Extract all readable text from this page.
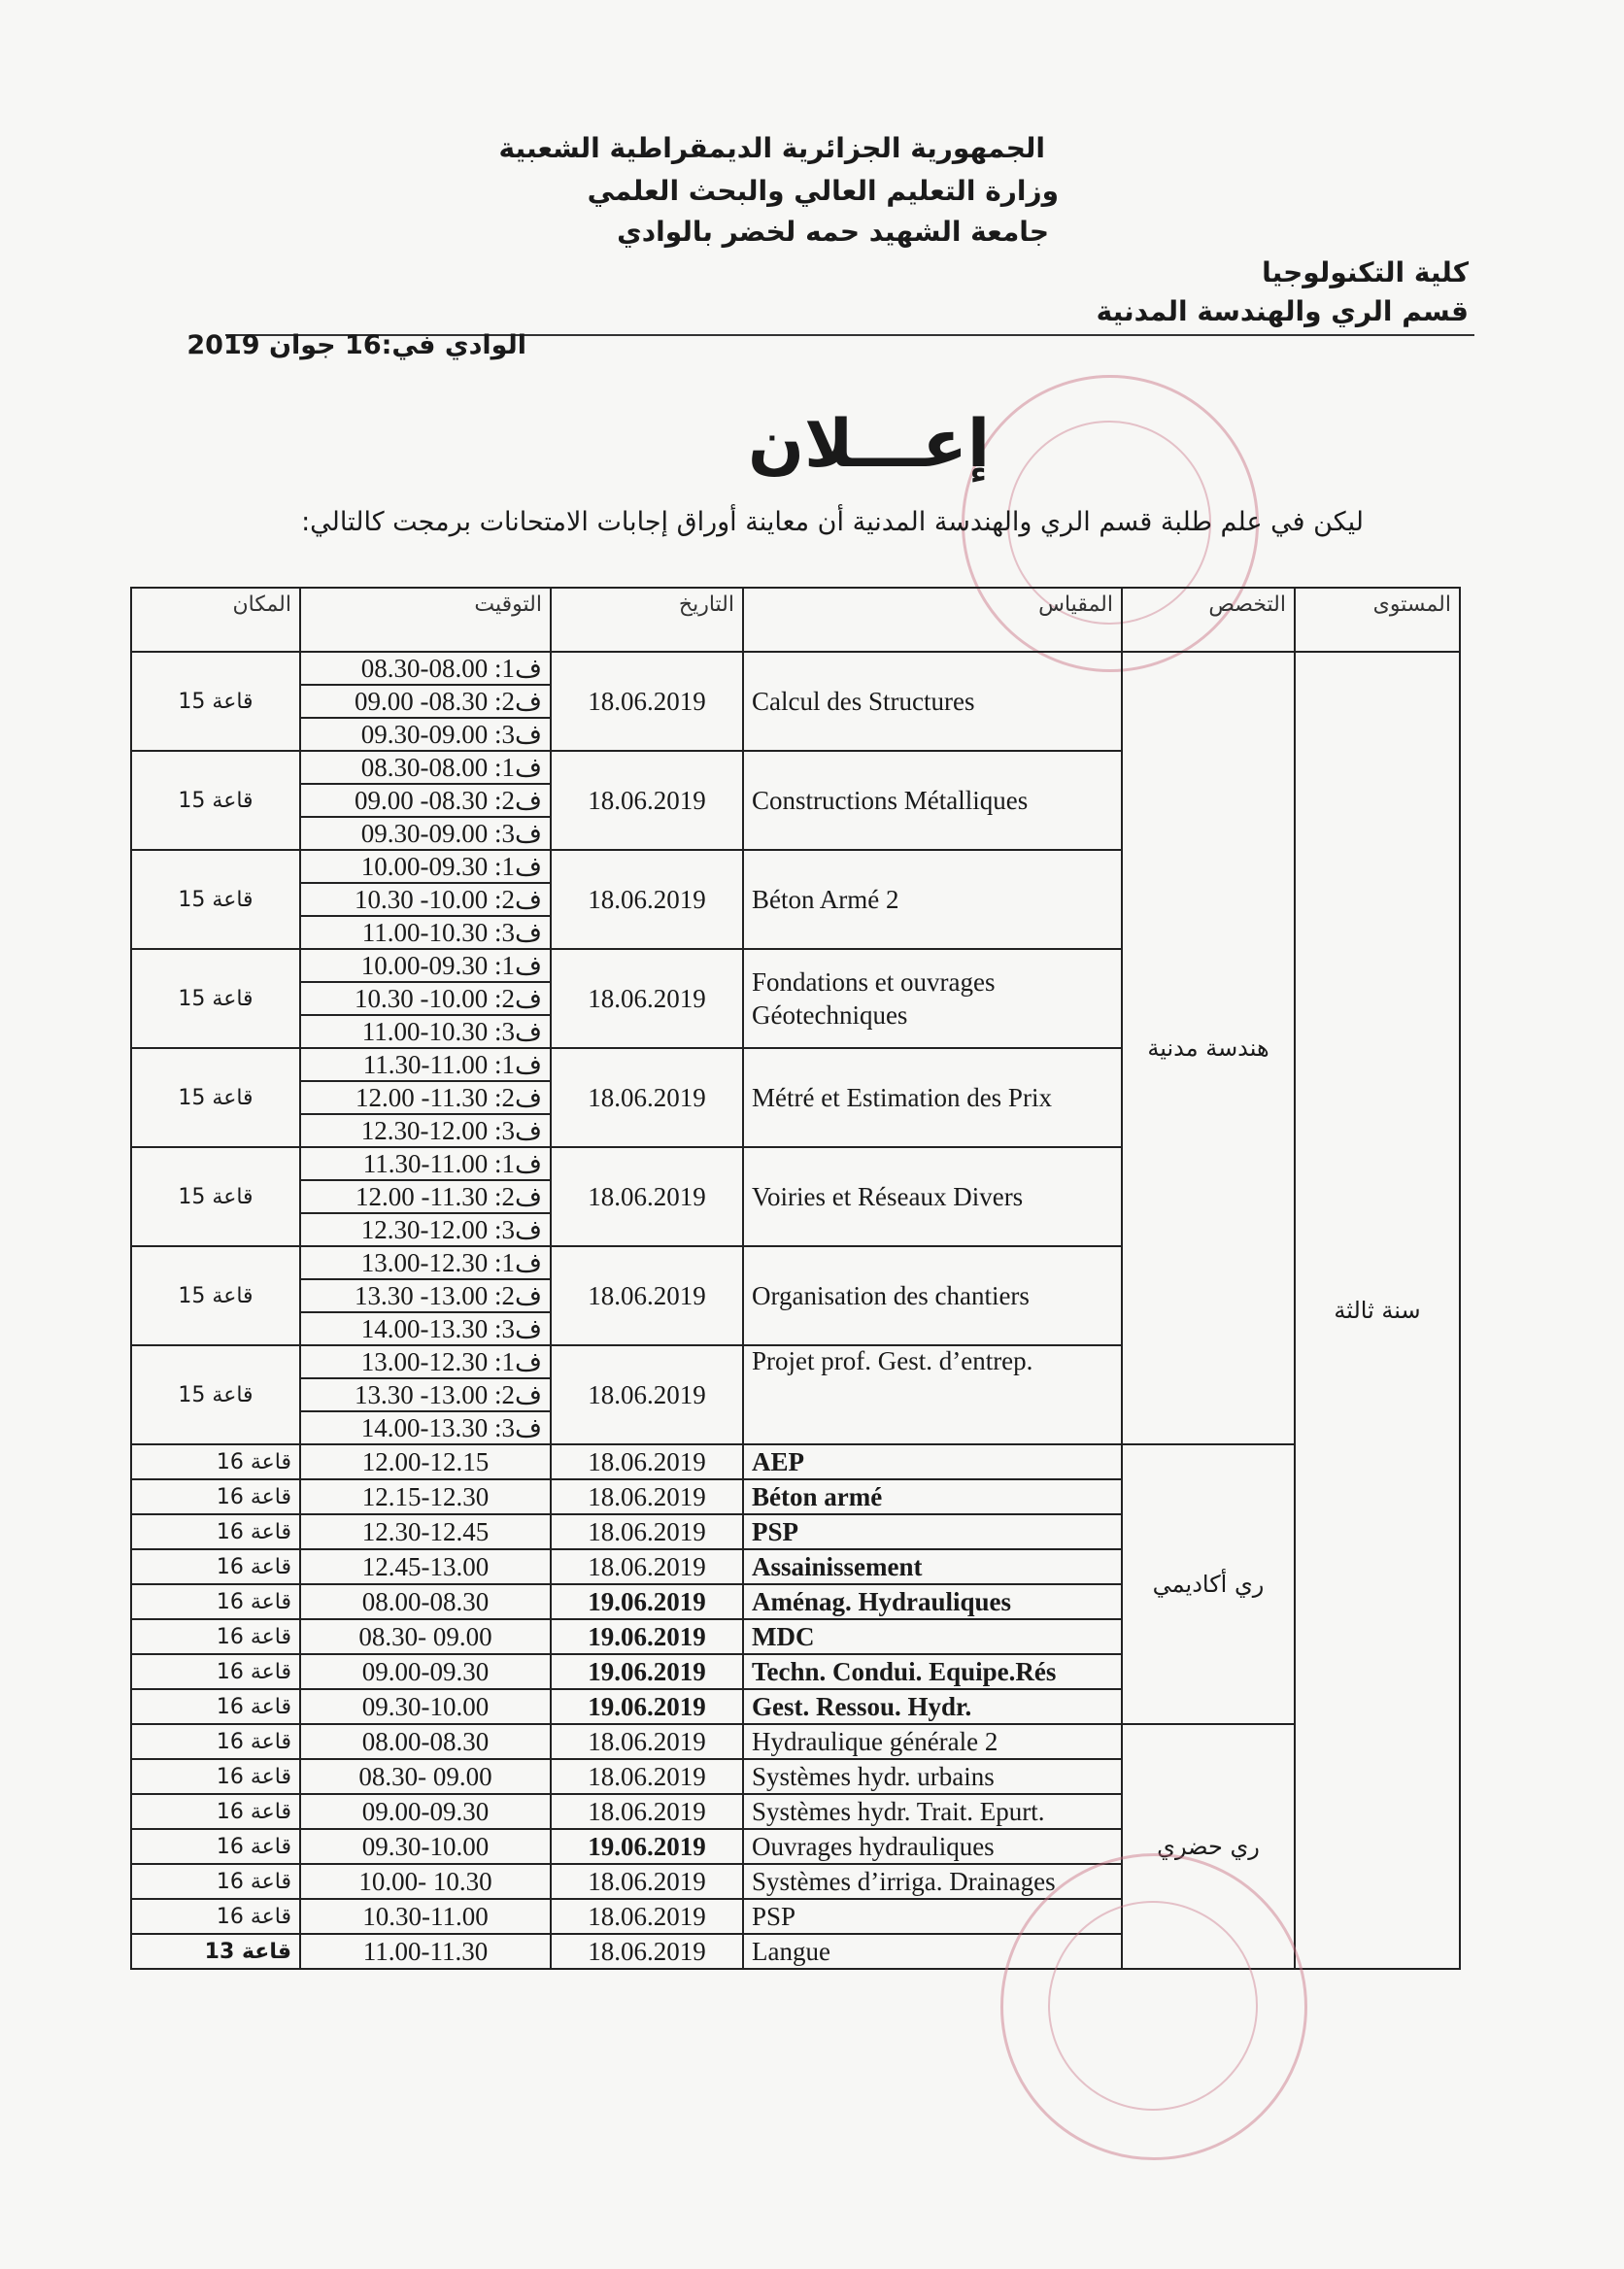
الجمهورية الجزائرية الديمقراطية الشعبية
وزارة التعليم العالي والبحث العلمي
جامعة الشهيد حمه لخضر بالوادي
كلية التكنولوجيا
قسم الري والهندسة المدنية
الوادي في:16 جوان 2019
إعـــلان
ليكن في علم طلبة قسم الري والهندسة المدنية أن معاينة أوراق إجابات الامتحانات برمجت كالتالي:
المكان	التوقيت	التاريخ	المقياس	التخصص	المستوى
قاعة 15	ف1: 08.00-08.30	18.06.2019	Calcul des Structures	هندسة مدنية	سنة ثالثة
	ف2: 08.30- 09.00				
	ف3: 09.00-09.30				
قاعة 15	ف1: 08.00-08.30	18.06.2019	Constructions Métalliques		
	ف2: 08.30- 09.00				
	ف3: 09.00-09.30				
قاعة 15	ف1: 09.30-10.00	18.06.2019	Béton Armé 2		
	ف2: 10.00- 10.30				
	ف3: 10.30-11.00				
قاعة 15	ف1: 09.30-10.00	18.06.2019	Fondations et ouvrages Géotechniques		
	ف2: 10.00- 10.30				
	ف3: 10.30-11.00				
قاعة 15	ف1: 11.00-11.30	18.06.2019	Métré et Estimation des Prix		
	ف2: 11.30- 12.00				
	ف3: 12.00-12.30				
قاعة 15	ف1: 11.00-11.30	18.06.2019	Voiries et Réseaux Divers		
	ف2: 11.30- 12.00				
	ف3: 12.00-12.30				
قاعة 15	ف1: 12.30-13.00	18.06.2019	Organisation des chantiers		
	ف2: 13.00- 13.30				
	ف3: 13.30-14.00				
قاعة 15	ف1: 12.30-13.00	18.06.2019	Projet prof. Gest. d’entrep.		
	ف2: 13.00- 13.30				
	ف3: 13.30-14.00				
قاعة 16	12.00-12.15	18.06.2019	AEP	ري أكاديمي	
قاعة 16	12.15-12.30	18.06.2019	Béton armé		
قاعة 16	12.30-12.45	18.06.2019	PSP		
قاعة 16	12.45-13.00	18.06.2019	Assainissement		
قاعة 16	08.00-08.30	19.06.2019	Aménag. Hydrauliques		
قاعة 16	08.30- 09.00	19.06.2019	MDC		
قاعة 16	09.00-09.30	19.06.2019	Techn. Condui. Equipe.Rés		
قاعة 16	09.30-10.00	19.06.2019	Gest. Ressou. Hydr.		
قاعة 16	08.00-08.30	18.06.2019	Hydraulique générale 2	ري حضري	
قاعة 16	08.30- 09.00	18.06.2019	Systèmes hydr. urbains		
قاعة 16	09.00-09.30	18.06.2019	Systèmes hydr. Trait. Epurt.		
قاعة 16	09.30-10.00	19.06.2019	Ouvrages hydrauliques		
قاعة 16	10.00- 10.30	18.06.2019	Systèmes d’irriga. Drainages		
قاعة 16	10.30-11.00	18.06.2019	PSP		
قاعة 13	11.00-11.30	18.06.2019	Langue		
